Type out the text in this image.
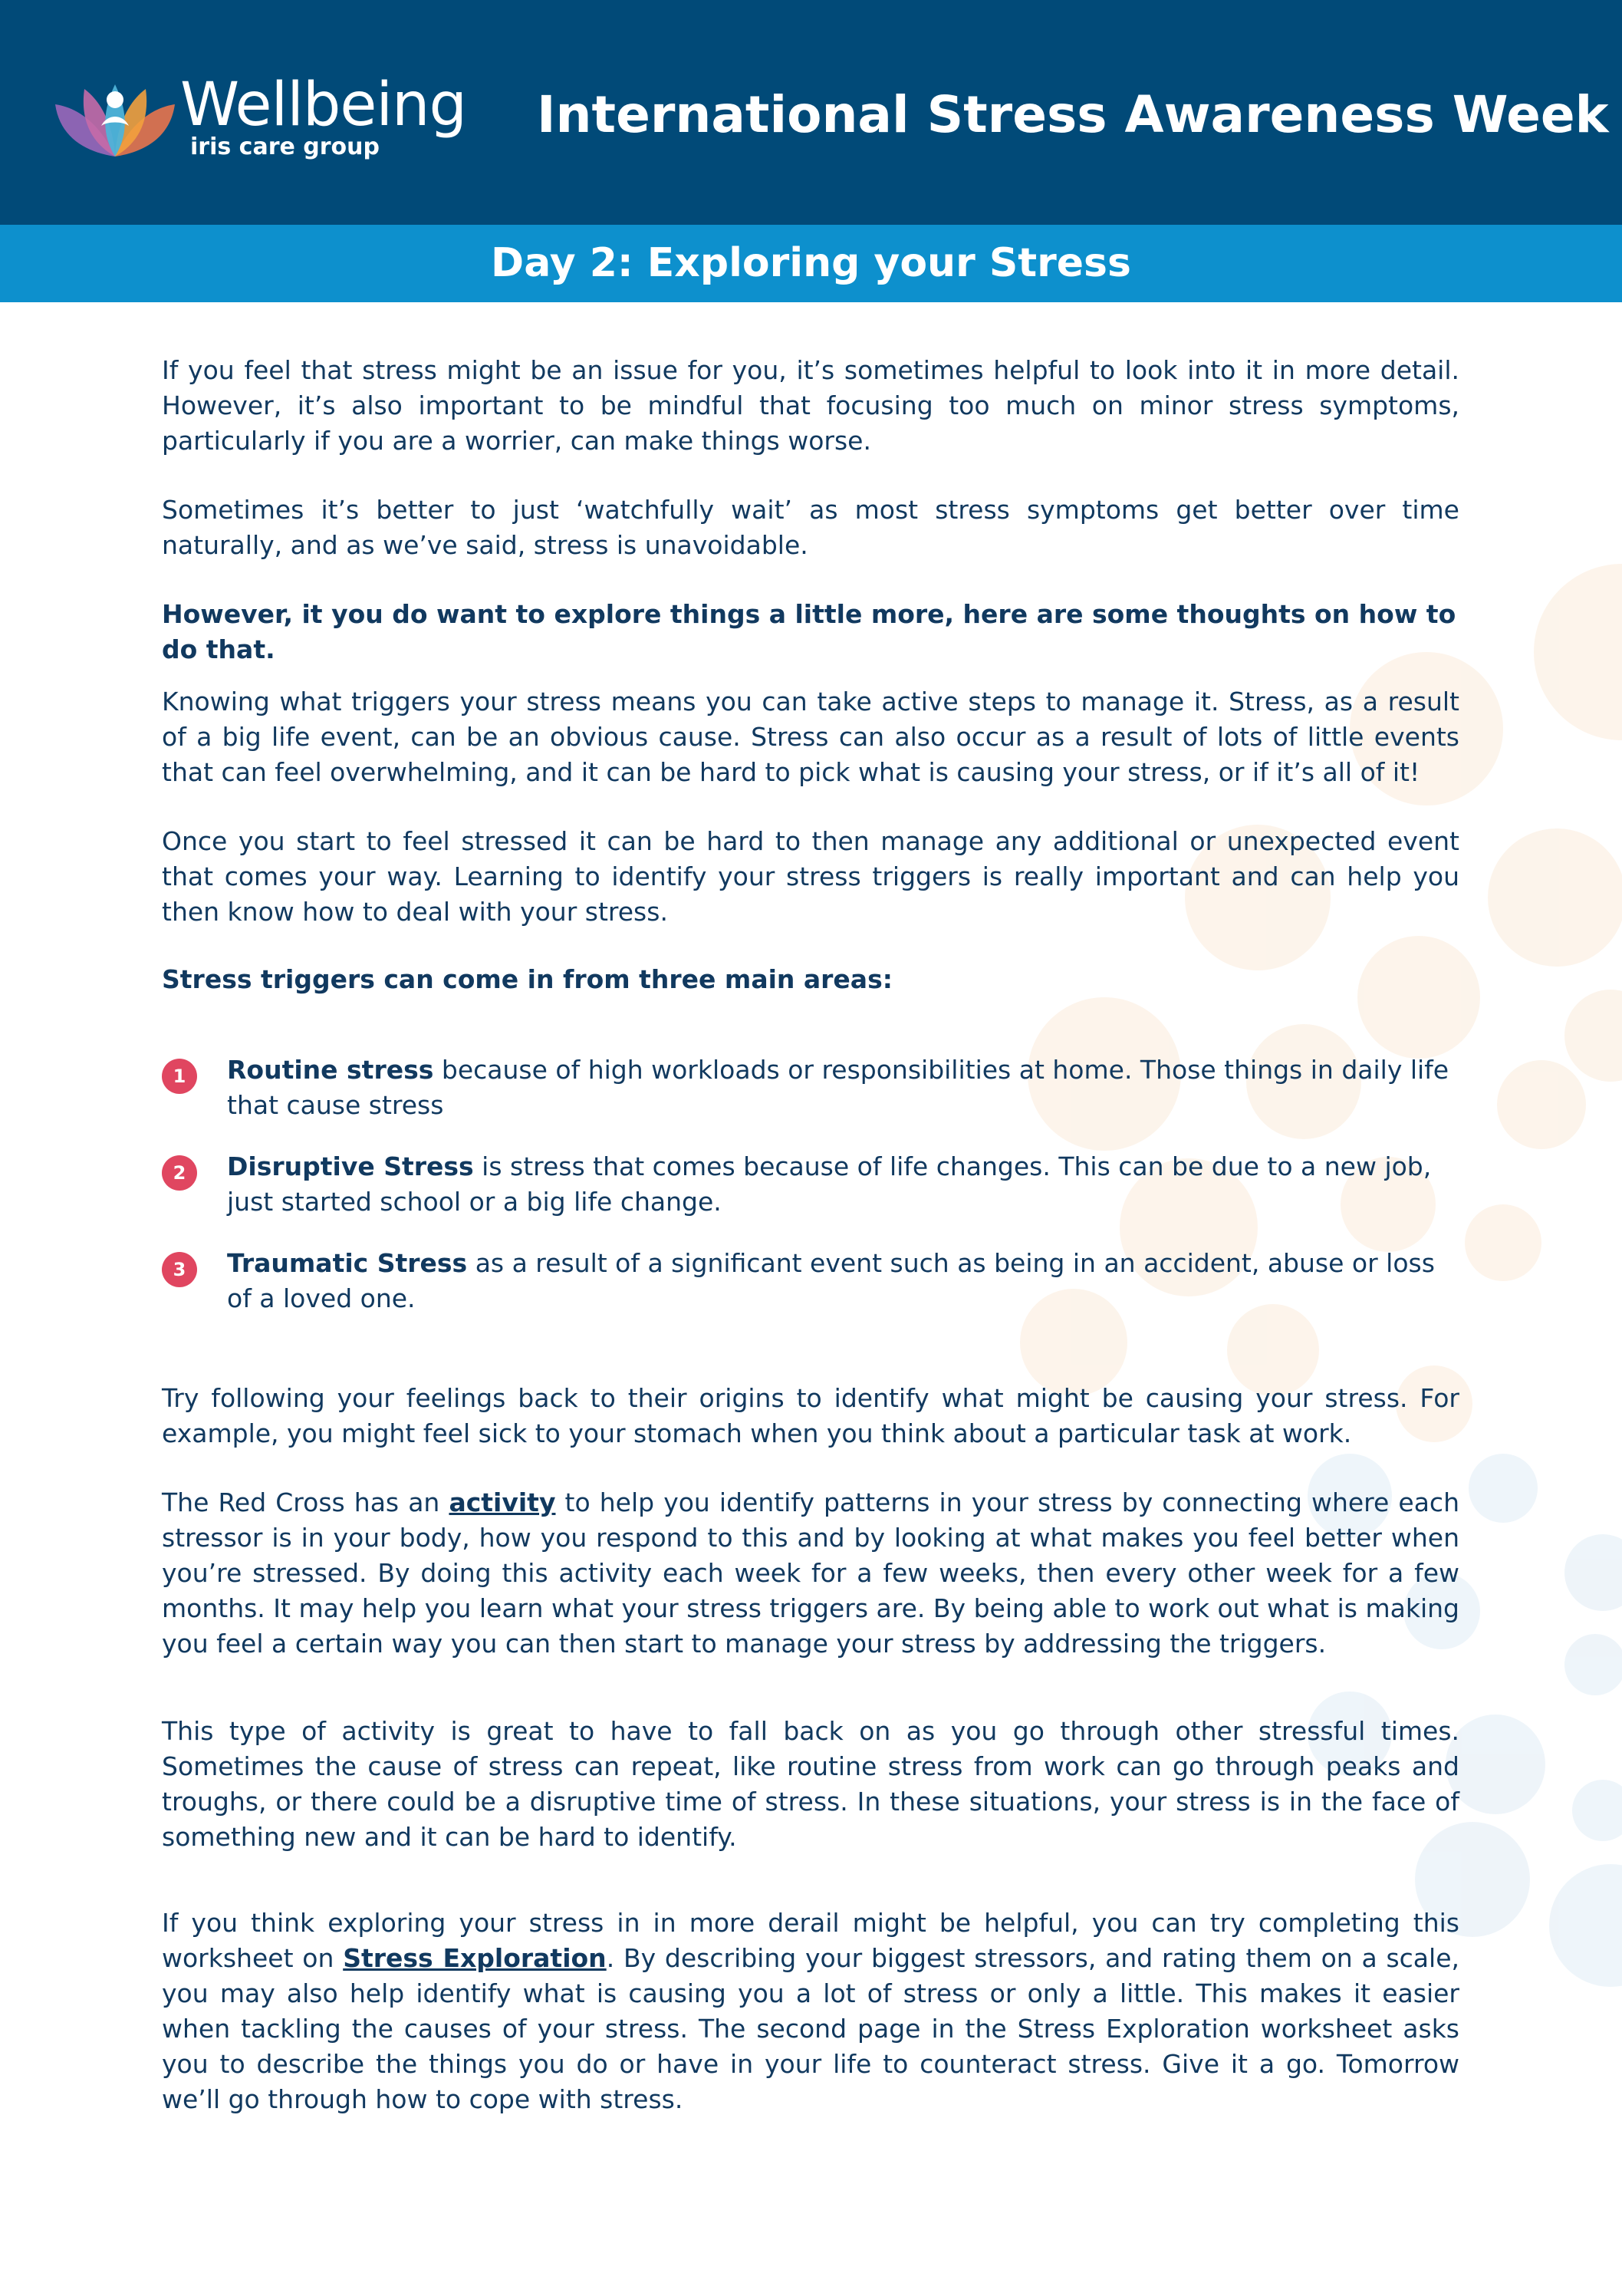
Wellbeing
iris care group
International Stress Awareness Week
Day 2: Exploring your Stress

If you feel that stress might be an issue for you, it’s sometimes helpful to look into it in more detail. However, it’s also important to be mindful that focusing too much on minor stress symptoms, particularly if you are a worrier, can make things worse.

Sometimes it’s better to just ‘watchfully wait’ as most stress symptoms get better over time naturally, and as we’ve said, stress is unavoidable.

However, it you do want to explore things a little more, here are some thoughts on how to do that.

Knowing what triggers your stress means you can take active steps to manage it. Stress, as a result of a big life event, can be an obvious cause. Stress can also occur as a result of lots of little events that can feel overwhelming, and it can be hard to pick what is causing your stress, or if it’s all of it!

Once you start to feel stressed it can be hard to then manage any additional or unexpected event that comes your way. Learning to identify your stress triggers is really important and can help you then know how to deal with your stress.

Stress triggers can come in from three main areas:

1	Routine stress because of high workloads or responsibilities at home. Those things in daily life that cause stress

2	Disruptive Stress is stress that comes because of life changes. This can be due to a new job, just started school or a big life change.

3	Traumatic Stress as a result of a significant event such as being in an accident, abuse or loss of a loved one.

Try following your feelings back to their origins to identify what might be causing your stress. For example, you might feel sick to your stomach when you think about a particular task at work.

The Red Cross has an activity to help you identify patterns in your stress by connecting where each stressor is in your body, how you respond to this and by looking at what makes you feel better when you’re stressed. By doing this activity each week for a few weeks, then every other week for a few months. It may help you learn what your stress triggers are. By being able to work out what is making you feel a certain way you can then start to manage your stress by addressing the triggers.

This type of activity is great to have to fall back on as you go through other stressful times. Sometimes the cause of stress can repeat, like routine stress from work can go through peaks and troughs, or there could be a disruptive time of stress. In these situations, your stress is in the face of something new and it can be hard to identify.

If you think exploring your stress in in more derail might be helpful, you can try completing this worksheet on Stress Exploration. By describing your biggest stressors, and rating them on a scale, you may also help identify what is causing you a lot of stress or only a little. This makes it easier when tackling the causes of your stress. The second page in the Stress Exploration worksheet asks you to describe the things you do or have in your life to counteract stress. Give it a go. Tomorrow we’ll go through how to cope with stress.
